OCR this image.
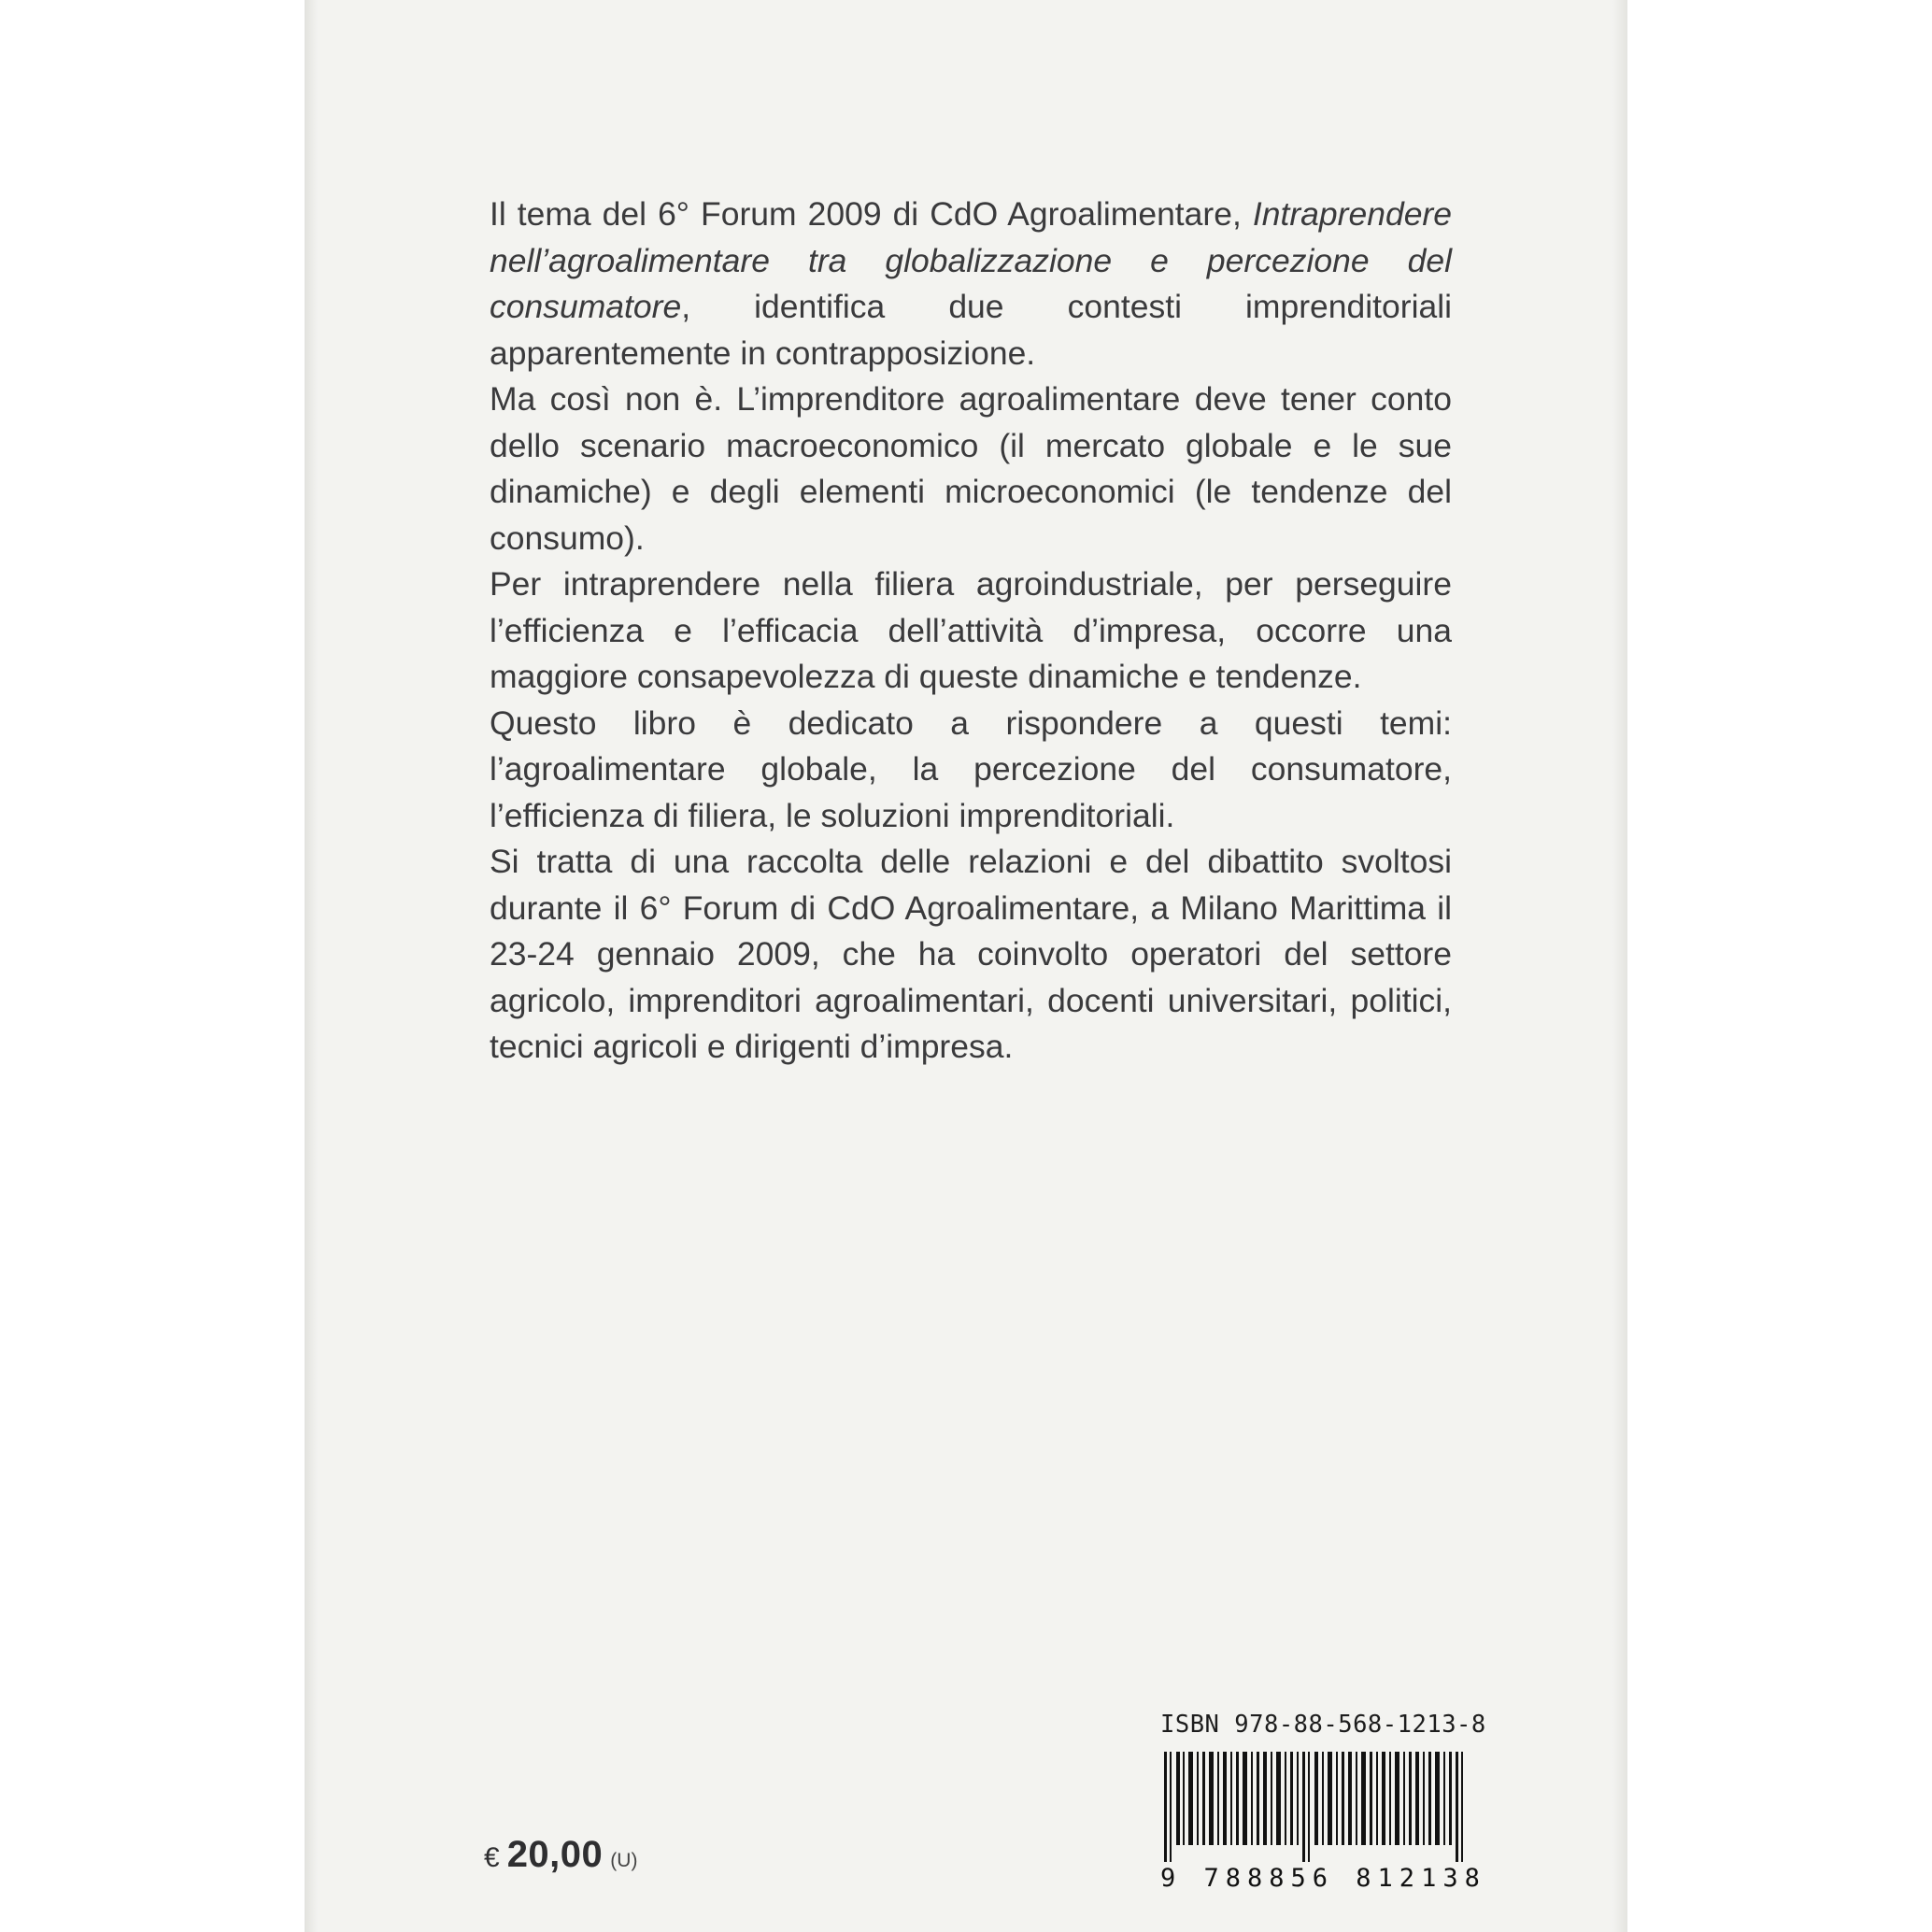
Il tema del 6° Forum 2009 di CdO Agroalimentare, Intraprendere nell’agroalimentare tra globalizzazione e percezione del consumatore, identifica due contesti imprenditoriali apparentemente in contrapposizione.

Ma così non è. L’imprenditore agroalimentare deve tener conto dello scenario macroeconomico (il mercato globale e le sue dinamiche) e degli elementi microeconomici (le tendenze del consumo).

Per intraprendere nella filiera agroindustriale, per perseguire l’efficienza e l’efficacia dell’attività d’impresa, occorre una maggiore consapevolezza di queste dinamiche e tendenze.

Questo libro è dedicato a rispondere a questi temi: l’agroalimentare globale, la percezione del consumatore, l’efficienza di filiera, le soluzioni imprenditoriali.

Si tratta di una raccolta delle relazioni e del dibattito svoltosi durante il 6° Forum di CdO Agroalimentare, a Milano Marittima il 23-24 gennaio 2009, che ha coinvolto operatori del settore agricolo, imprenditori agroalimentari, docenti universitari, politici, tecnici agricoli e dirigenti d’impresa.

€ 20,00 (U)
ISBN 978-88-568-1213-8
9 788856 812138
